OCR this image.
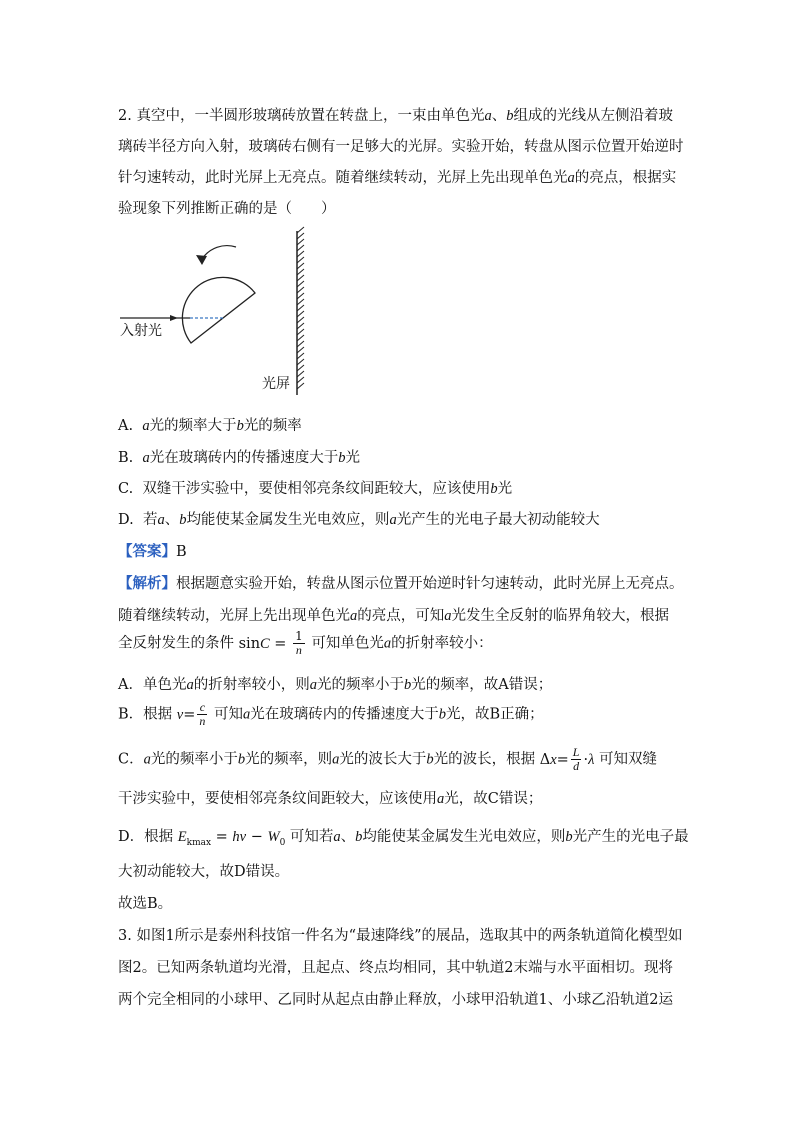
2. 真空中，一半圆形玻璃砖放置在转盘上，一束由单色光a、b组成的光线从左侧沿着玻
璃砖半径方向入射，玻璃砖右侧有一足够大的光屏。实验开始，转盘从图示位置开始逆时
针匀速转动，此时光屏上无亮点。随着继续转动，光屏上先出现单色光a的亮点，根据实
验现象下列推断正确的是（　　）
入射光
光屏
A. a光的频率大于b光的频率
B. a光在玻璃砖内的传播速度大于b光
C. 双缝干涉实验中，要使相邻亮条纹间距较大，应该使用b光
D. 若a、b均能使某金属发生光电效应，则a光产生的光电子最大初动能较大
【答案】B
【解析】根据题意实验开始，转盘从图示位置开始逆时针匀速转动，此时光屏上无亮点。
随着继续转动，光屏上先出现单色光a的亮点，可知a光发生全反射的临界角较大，根据
全反射发生的条件 $\sin C = \frac{1}{n}$ 可知单色光a的折射率较小：
A．单色光a的折射率较小，则a光的频率小于b光的频率，故A错误；
B．根据 $v= \frac{c}{n}$ 可知a光在玻璃砖内的传播速度大于b光，故B正确；
C．a光的频率小于b光的频率，则a光的波长大于b光的波长，根据 $\Delta x= \frac{L}{d} \cdot\lambda$ 可知双缝
干涉实验中，要使相邻亮条纹间距较大，应该使用a光，故C错误；
D．根据 $E_{kmax} = h\nu - W_0$ 可知若a、b均能使某金属发生光电效应，则b光产生的光电子最
大初动能较大，故D错误。
故选B。
3. 如图1所示是泰州科技馆一件名为“最速降线”的展品，选取其中的两条轨道简化模型如
图2。已知两条轨道均光滑，且起点、终点均相同，其中轨道2末端与水平面相切。现将
两个完全相同的小球甲、乙同时从起点由静止释放，小球甲沿轨道1、小球乙沿轨道2运
